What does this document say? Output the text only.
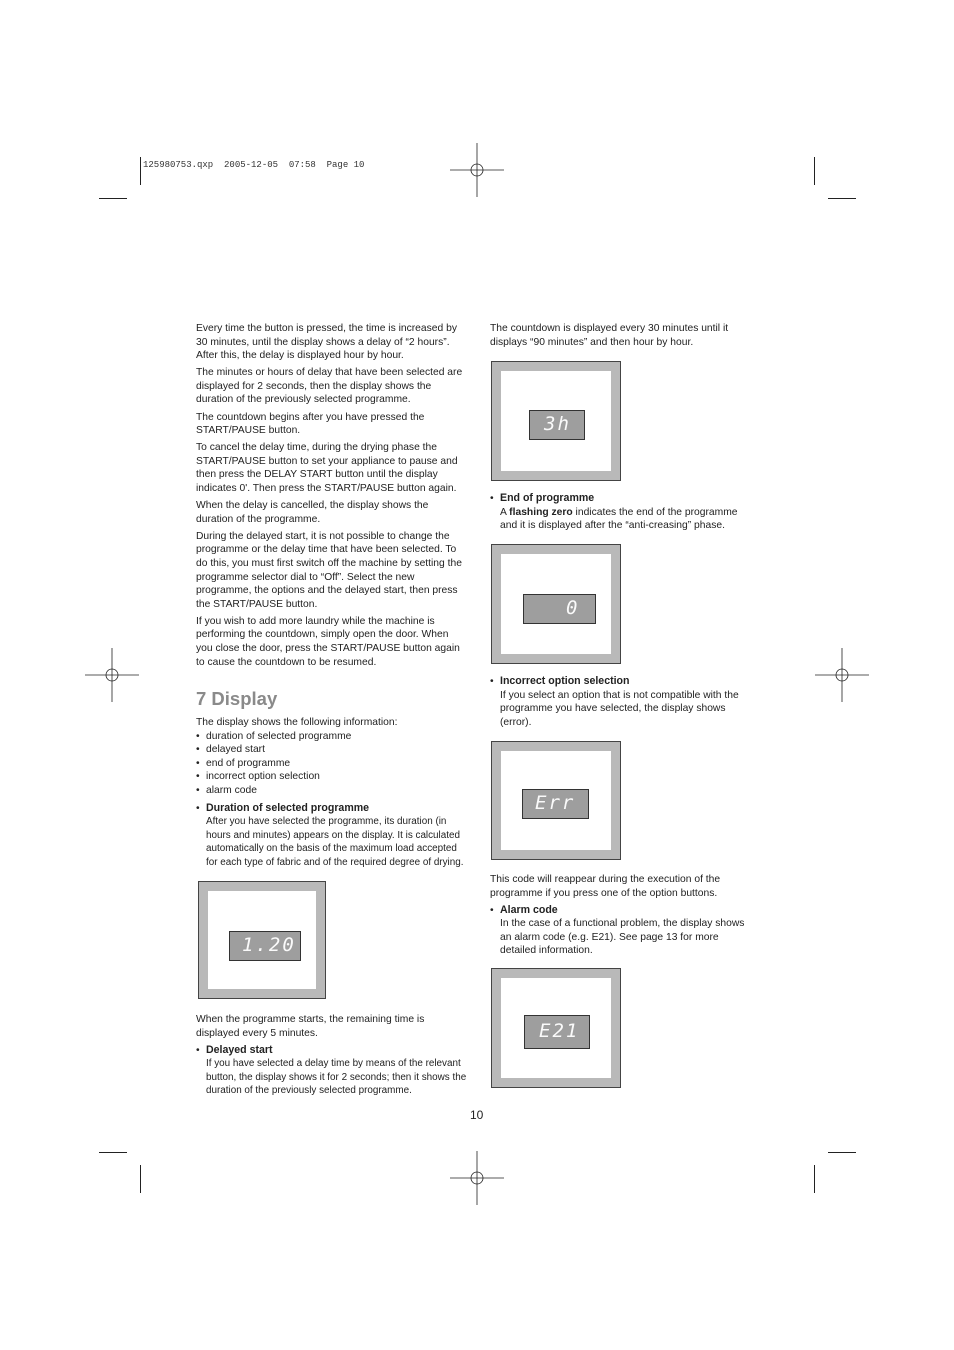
125980753.qxp  2005-12-05  07:58  Page 10

Every time the button is pressed, the time is increased by 30 minutes, until the display shows a delay of “2 hours”. After this, the delay is displayed hour by hour.

The minutes or hours of delay that have been selected are displayed for 2 seconds, then the display shows the duration of the previously selected programme.

The countdown begins after you have pressed the START/PAUSE button.

To cancel the delay time, during the drying phase the START/PAUSE button to set your appliance to pause and then press the DELAY START button until the display indicates 0'. Then press the START/PAUSE button again.

When the delay is cancelled, the display shows the duration of the programme.

During the delayed start, it is not possible to change the programme or the delay time that have been selected. To do this, you must first switch off the machine by setting the programme selector dial to “Off”. Select the new programme, the options and the delayed start, then press the START/PAUSE button.

If you wish to add more laundry while the machine is performing the countdown, simply open the door. When you close the door, press the START/PAUSE button again to cause the countdown to be resumed.

7 Display

The display shows the following information:

• duration of selected programme
• delayed start
• end of programme
• incorrect option selection
• alarm code
• Duration of selected programme

After you have selected the programme, its duration (in hours and minutes) appears on the display. It is calculated automatically on the basis of the maximum load accepted for each type of fabric and of the required degree of drying.

1.20

When the programme starts, the remaining time is displayed every 5 minutes.

• Delayed start

If you have selected a delay time by means of the relevant button, the display shows it for 2 seconds; then it shows the duration of the previously selected programme.

The countdown is displayed every 30 minutes until it displays “90 minutes” and then hour by hour.
3h
• End of programme

A flashing zero indicates the end of the programme and it is displayed after the “anti-creasing” phase.

0
• Incorrect option selection

If you select an option that is not compatible with the programme you have selected, the display shows (error).

Err

This code will reappear during the execution of the programme if you press one of the option buttons.

• Alarm code

In the case of a functional problem, the display shows an alarm code (e.g. E21). See page 13 for more detailed information.

E21
10
